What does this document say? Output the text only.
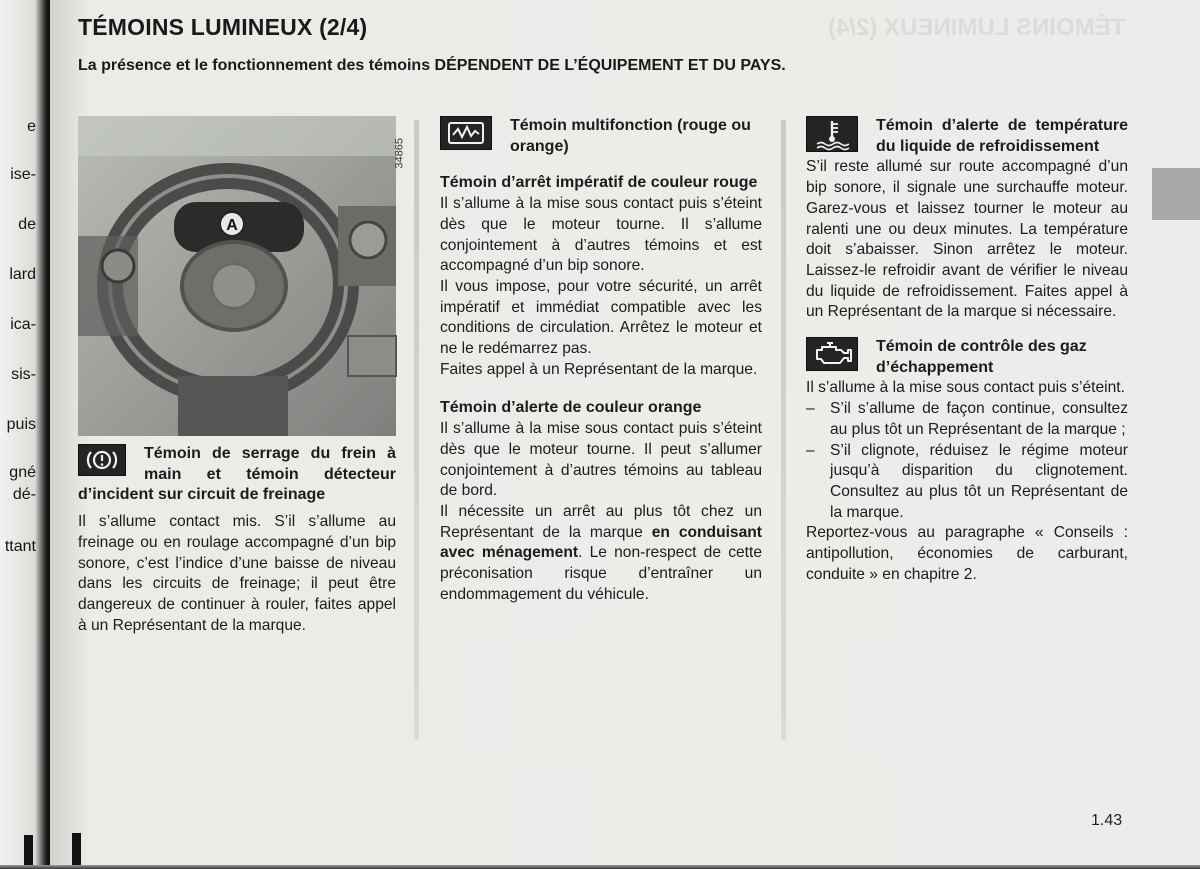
e
ise-
de
lard
ica-
sis-
puis
gné
dé-
ttant
TÉMOINS LUMINEUX (2/4)
TÉMOINS LUMINEUX (2/4)

La présence et le fonctionnement des témoins DÉPENDENT DE L’ÉQUIPEMENT ET DU PAYS.

A
34865
Témoin de serrage du frein à main et témoin détecteur d’incident sur circuit de freinage

Il s’allume contact mis. S’il s’allume au freinage ou en roulage accompagné d’un bip sonore, c’est l’indice d’une baisse de niveau dans les circuits de freinage; il peut être dangereux de continuer à rouler, faites appel à un Représentant de la marque.

Témoin multifonction (rouge ou orange)
Témoin d’arrêt impératif de couleur rouge

Il s’allume à la mise sous contact puis s’éteint dès que le moteur tourne. Il s’allume conjointement à d’autres témoins et est accompagné d’un bip sonore.

Il vous impose, pour votre sécurité, un arrêt impératif et immédiat compatible avec les conditions de circulation. Arrêtez le moteur et ne le redémarrez pas.

Faites appel à un Représentant de la marque.

Témoin d’alerte de couleur orange

Il s’allume à la mise sous contact puis s’éteint dès que le moteur tourne. Il peut s’allumer conjointement à d’autres témoins au tableau de bord.

Il nécessite un arrêt au plus tôt chez un Représentant de la marque en conduisant avec ménagement. Le non-respect de cette préconisation risque d’entraîner un endommagement du véhicule.

Témoin d’alerte de température du liquide de refroidissement

S’il reste allumé sur route accompagné d’un bip sonore, il signale une surchauffe moteur. Garez-vous et laissez tourner le moteur au ralenti une ou deux minutes. La température doit s’abaisser. Sinon arrêtez le moteur. Laissez-le refroidir avant de vérifier le niveau du liquide de refroidissement. Faites appel à un Représentant de la marque si nécessaire.

Témoin de contrôle des gaz d’échappement

Il s’allume à la mise sous contact puis s’éteint.

– S’il s’allume de façon continue, consultez au plus tôt un Représentant de la marque ;
– S’il clignote, réduisez le régime moteur jusqu’à disparition du clignotement. Consultez au plus tôt un Représentant de la marque.

Reportez-vous au paragraphe « Conseils : antipollution, économies de carburant, conduite » en chapitre 2.

1.43
